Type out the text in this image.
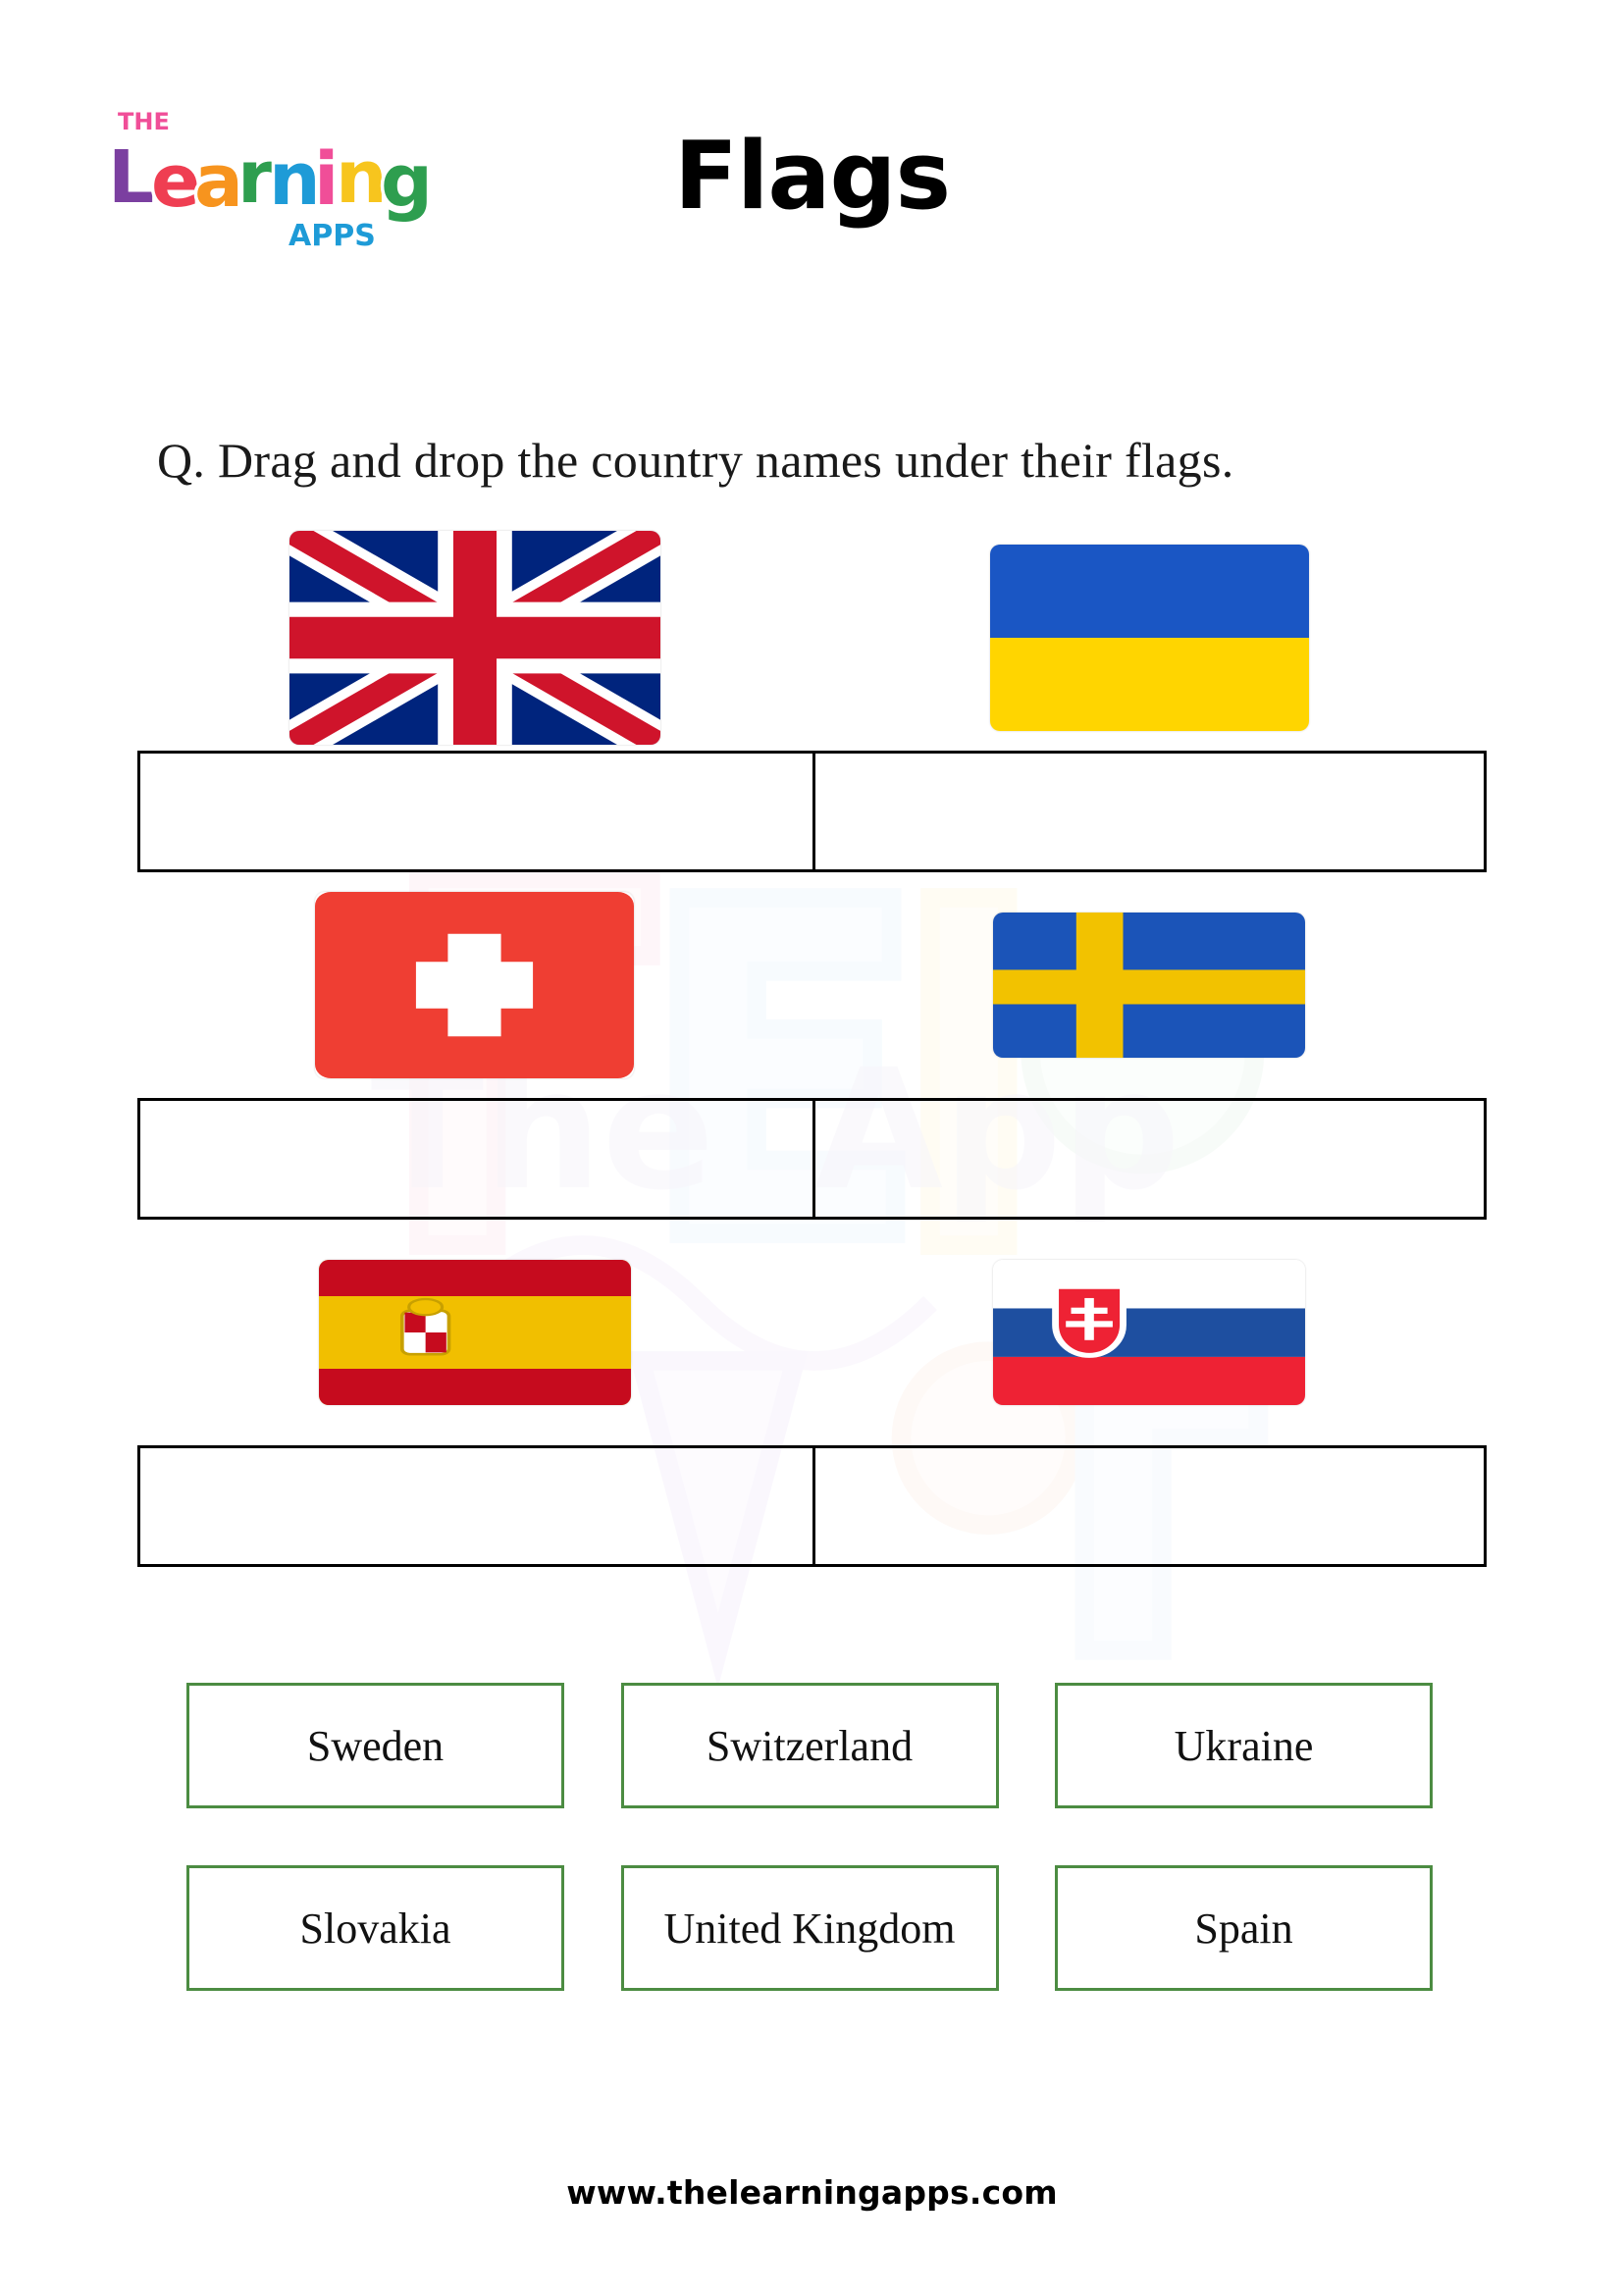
The App
THE
L
e
a
r
n
i
n
g
APPS
Flags
Q. Drag and drop the country names under their flags.
Sweden	Switzerland	Ukraine
Slovakia	United Kingdom	Spain
www.thelearningapps.com
